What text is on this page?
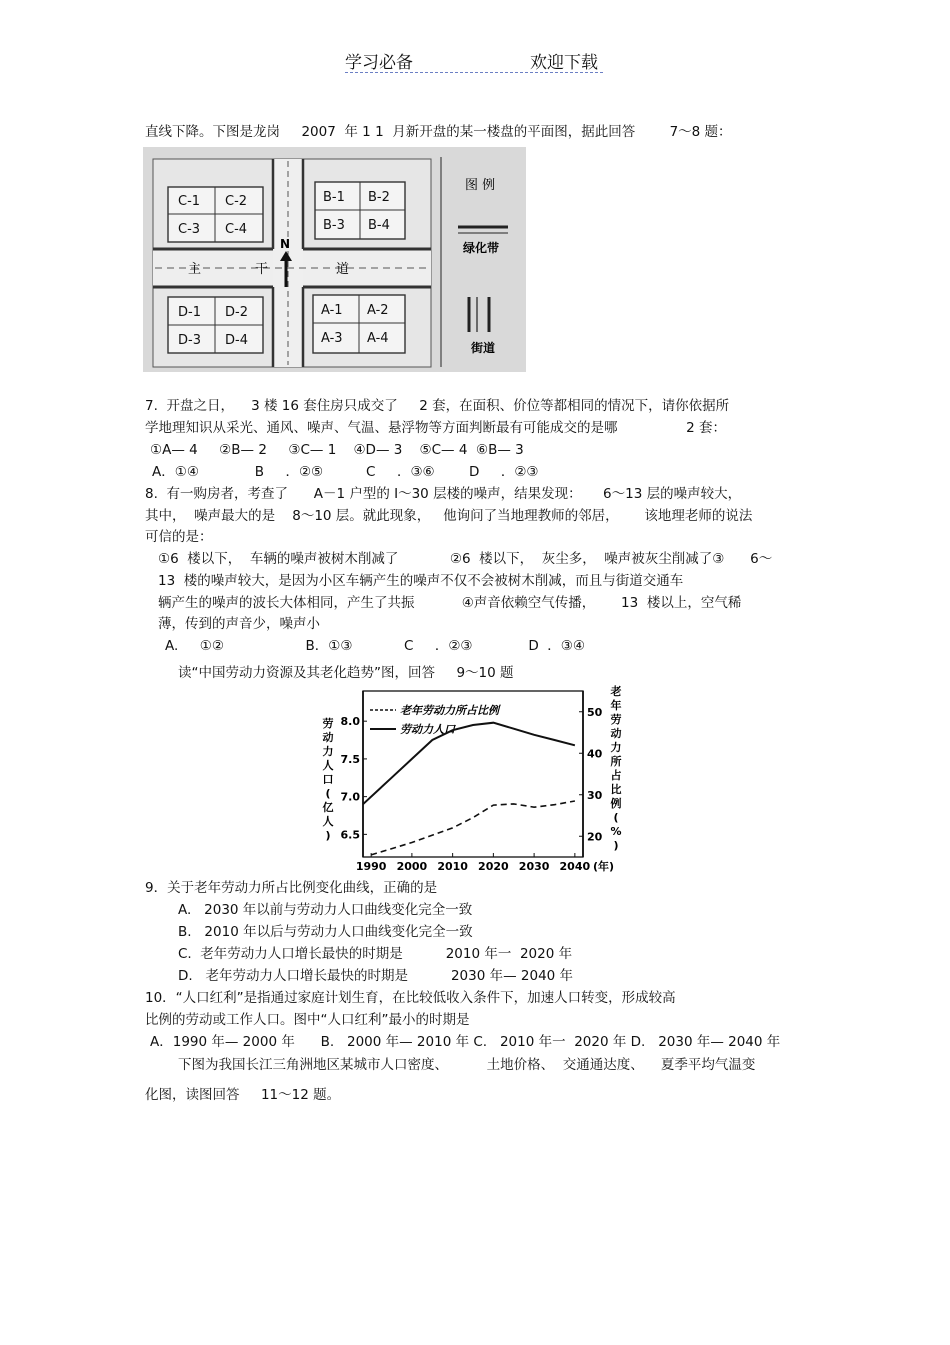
学习必备	欢迎下载
直线下降。下图是龙岗     2007  年 1 1  月新开盘的某一楼盘的平面图，据此回答        7～8 题：
主	干	道
N
C-1 C-2
C-3 C-4
B-1 B-2
B-3 B-4
D-1 D-2
D-3 D-4
A-1 A-2
A-3 A-4
图 例
绿化带
街道
7.  开盘之日，    3 楼 16 套住房只成交了     2 套，在面积、价位等都相同的情况下，请你依据所
学地理知识从采光、通风、噪声、气温、悬浮物等方面判断最有可能成交的是哪                2 套：
①A— 4     ②B— 2     ③C— 1    ④D— 3    ⑤C— 4  ⑥B— 3
A．①④             B     ．②⑤          C     ．③⑥        D     ．②③
8.  有一购房者，考查了      A－1 户型的 Ⅰ～30 层楼的噪声，结果发现：     6～13 层的噪声较大，
其中，  噪声最大的是    8～10 层。就此现象，   他询问了当地理教师的邻居，      该地理老师的说法
可信的是：
①6  楼以下，  车辆的噪声被树木削减了            ②6  楼以下，  灰尘多，  噪声被灰尘削减了③      6～
13  楼的噪声较大，是因为小区车辆产生的噪声不仅不会被树木削减，而且与街道交通车
辆产生的噪声的波长大体相同，产生了共振           ④声音依赖空气传播，      13  楼以上，空气稀
薄，传到的声音少，噪声小
A.     ①②                   B．①③            C     ．②③             D  ．③④
读“中国劳动力资源及其老化趋势”图，回答     9～10 题
老年劳动力所占比例
劳动力人口
劳
动
力
人
口
(
亿
人
)
老
年
劳
动
力
所
占
比
例
(
%
)
(年)
1990 2000 2010 2020 2030 2040
8.0
7.5
7.0
6.5
50
40
30
20
9．关于老年劳动力所占比例变化曲线，正确的是
A.   2030 年以前与劳动力人口曲线变化完全一致
B.   2010 年以后与劳动力人口曲线变化完全一致
C.  老年劳动力人口增长最快的时期是          2010 年一  2020 年
D.   老年劳动力人口增长最快的时期是          2030 年— 2040 年
10．“人口红利”是指通过家庭计划生育，在比较低收入条件下，加速人口转变，形成较高
比例的劳动或工作人口。图中“人口红利”最小的时期是
A．1990 年— 2000 年      B.   2000 年— 2010 年 C.   2010 年一  2020 年 D.   2030 年— 2040 年
下图为我国长江三角洲地区某城市人口密度、         土地价格、  交通通达度、    夏季平均气温变
化图，读图回答     11～12 题。
